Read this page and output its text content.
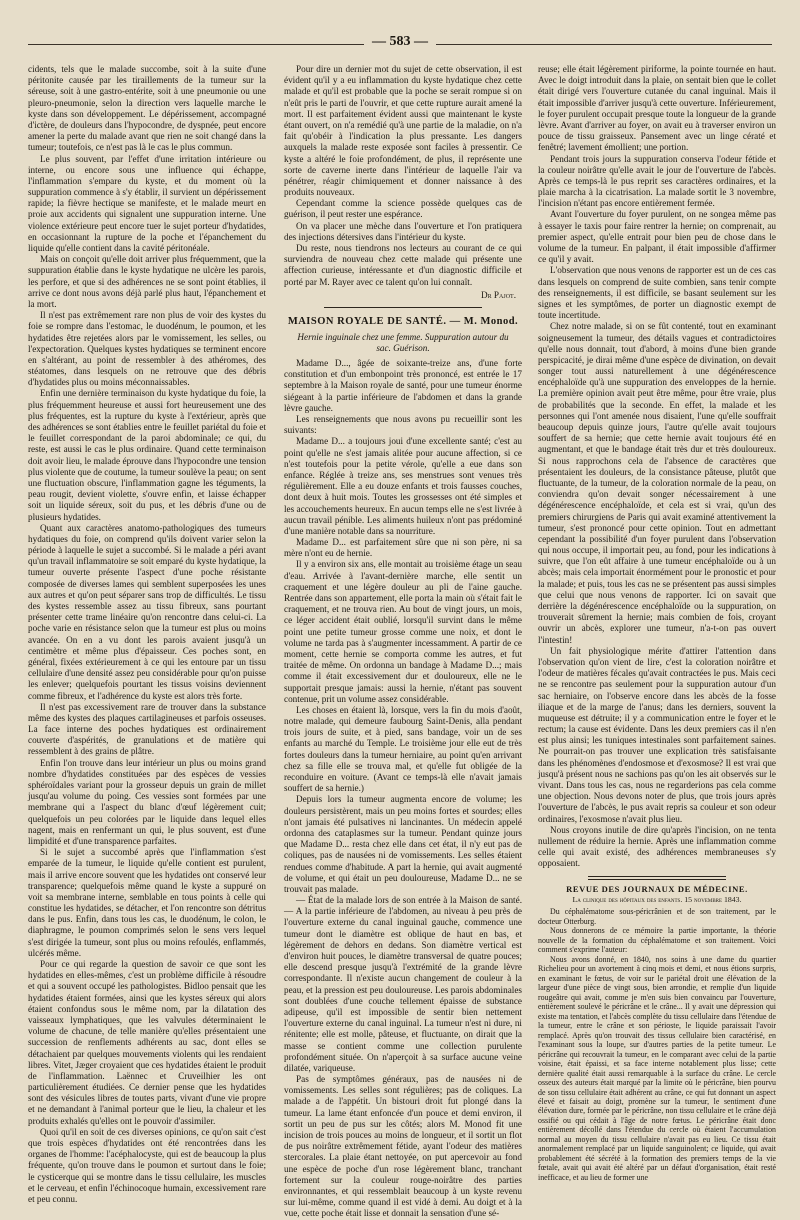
— 583 —

cidents, tels que le malade succombe, soit à la suite d'une péritonite causée par les tiraillements de la tumeur sur la séreuse, soit à une gastro-entérite, soit à une pneumonie ou une pleuro-pneumonie, selon la direction vers laquelle marche le kyste dans son développement. Le dépérissement, accompagné d'ictère, de douleurs dans l'hypocondre, de dyspnée, peut encore amener la perte du malade avant que rien ne soit changé dans la tumeur; toutefois, ce n'est pas là le cas le plus commun.

Le plus souvent, par l'effet d'une irritation intérieure ou interne, ou encore sous une influence qui échappe, l'inflammation s'empare du kyste, et du moment où la suppuration commence à s'y établir, il survient un dépérissement rapide; la fièvre hectique se manifeste, et le malade meurt en proie aux accidents qui signalent une suppuration interne. Une violence extérieure peut encore tuer le sujet porteur d'hydatides, en occasionnant la rupture de la poche et l'épanchement du liquide qu'elle contient dans la cavité péritonéale.

Mais on conçoit qu'elle doit arriver plus fréquemment, que la suppuration établie dans le kyste hydatique ne ulcère les parois, les perfore, et que si des adhérences ne se sont point établies, il arrive ce dont nous avons déjà parlé plus haut, l'épanchement et la mort.

Il n'est pas extrêmement rare non plus de voir des kystes du foie se rompre dans l'estomac, le duodénum, le poumon, et les hydatides être rejetées alors par le vomissement, les selles, ou l'expectoration. Quelques kystes hydatiques se terminent encore en s'altérant, au point de ressembler à des athéromes, des stéatomes, dans lesquels on ne retrouve que des débris d'hydatides plus ou moins méconnaissables.

Enfin une dernière terminaison du kyste hydatique du foie, la plus fréquemment heureuse et aussi fort heureusement une des plus fréquentes, est la rupture du kyste à l'extérieur, après que des adhérences se sont établies entre le feuillet pariétal du foie et le feuillet correspondant de la paroi abdominale; ce qui, du reste, est aussi le cas le plus ordinaire. Quand cette terminaison doit avoir lieu, le malade éprouve dans l'hypocondre une tension plus violente que de coutume, la tumeur soulève la peau; on sent une fluctuation obscure, l'inflammation gagne les téguments, la peau rougit, devient violette, s'ouvre enfin, et laisse échapper soit un liquide séreux, soit du pus, et les débris d'une ou de plusieurs hydatides.

Quant aux caractères anatomo-pathologiques des tumeurs hydatiques du foie, on comprend qu'ils doivent varier selon la période à laquelle le sujet a succombé. Si le malade a péri avant qu'un travail inflammatoire se soit emparé du kyste hydatique, la tumeur ouverte présente l'aspect d'une poche résistante composée de diverses lames qui semblent superposées les unes aux autres et qu'on peut séparer sans trop de difficultés. Le tissu des kystes ressemble assez au tissu fibreux, sans pourtant présenter cette trame linéaire qu'on rencontre dans celui-ci. La poche varie en résistance selon que la tumeur est plus ou moins avancée. On en a vu dont les parois avaient jusqu'à un centimètre et même plus d'épaisseur. Ces poches sont, en général, fixées extérieurement à ce qui les entoure par un tissu cellulaire d'une densité assez peu considérable pour qu'on puisse les enlever; quelquefois pourtant les tissus voisins deviennent comme fibreux, et l'adhérence du kyste est alors très forte.

Il n'est pas excessivement rare de trouver dans la substance même des kystes des plaques cartilagineuses et parfois osseuses. La face interne des poches hydatiques est ordinairement couverte d'aspérités, de granulations et de matière qui ressemblent à des grains de plâtre.

Enfin l'on trouve dans leur intérieur un plus ou moins grand nombre d'hydatides constituées par des espèces de vessies sphéroïdales variant pour la grosseur depuis un grain de millet jusqu'au volume du poing. Ces vessies sont formées par une membrane qui a l'aspect du blanc d'œuf légèrement cuit; quelquefois un peu colorées par le liquide dans lequel elles nagent, mais en renfermant un qui, le plus souvent, est d'une limpidité et d'une transparence parfaites.

Si le sujet a succombé après que l'inflammation s'est emparée de la tumeur, le liquide qu'elle contient est purulent, mais il arrive encore souvent que les hydatides ont conservé leur transparence; quelquefois même quand le kyste a suppuré on voit sa membrane interne, semblable en tous points à celle qui constitue les hydatides, se détacher, et l'on rencontre son détritus dans le pus. Enfin, dans tous les cas, le duodénum, le colon, le diaphragme, le poumon comprimés selon le sens vers lequel s'est dirigée la tumeur, sont plus ou moins refoulés, enflammés, ulcérés même.

Pour ce qui regarde la question de savoir ce que sont les hydatides en elles-mêmes, c'est un problème difficile à résoudre et qui a souvent occupé les pathologistes. Bidloo pensait que les hydatides étaient formées, ainsi que les kystes séreux qui alors étaient confondus sous le même nom, par la dilatation des vaisseaux lymphatiques, que les valvules déterminaient le volume de chacune, de telle manière qu'elles présentaient une succession de renflements adhérents au sac, dont elles se détachaient par quelques mouvements violents qui les rendaient libres. Vitet, Jæger croyaient que ces hydatides étaient le produit de l'inflammation. Laënnec et Cruveilhier les ont particulièrement étudiées. Ce dernier pense que les hydatides sont des vésicules libres de toutes parts, vivant d'une vie propre et ne demandant à l'animal porteur que le lieu, la chaleur et les produits exhalés qu'elles ont le pouvoir d'assimiler.

Quoi qu'il en soit de ces diverses opinions, ce qu'on sait c'est que trois espèces d'hydatides ont été rencontrées dans les organes de l'homme: l'acéphalocyste, qui est de beaucoup la plus fréquente, qu'on trouve dans le poumon et surtout dans le foie; le cysticerque qui se montre dans le tissu cellulaire, les muscles et le cerveau, et enfin l'échinocoque humain, excessivement rare et peu connu.

Pour dire un dernier mot du sujet de cette observation, il est évident qu'il y a eu inflammation du kyste hydatique chez cette malade et qu'il est probable que la poche se serait rompue si on n'eût pris le parti de l'ouvrir, et que cette rupture aurait amené la mort. Il est parfaitement évident aussi que maintenant le kyste étant ouvert, on n'a remédié qu'à une partie de la maladie, on n'a fait qu'obéir à l'indication la plus pressante. Les dangers auxquels la malade reste exposée sont faciles à pressentir. Ce kyste a altéré le foie profondément, de plus, il représente une sorte de caverne inerte dans l'intérieur de laquelle l'air va pénétrer, réagir chimiquement et donner naissance à des produits nouveaux.

Cependant comme la science possède quelques cas de guérison, il peut rester une espérance.

On va placer une mèche dans l'ouverture et l'on pratiquera des injections détersives dans l'intérieur du kyste.

Du reste, nous tiendrons nos lecteurs au courant de ce qui surviendra de nouveau chez cette malade qui présente une affection curieuse, intéressante et d'un diagnostic difficile et porté par M. Rayer avec ce talent qu'on lui connaît.

Dr Pajot.
MAISON ROYALE DE SANTÉ. — M. Monod.
Hernie inguinale chez une femme. Suppuration autour du sac. Guérison.

Madame D..., âgée de soixante-treize ans, d'une forte constitution et d'un embonpoint très prononcé, est entrée le 17 septembre à la Maison royale de santé, pour une tumeur énorme siégeant à la partie inférieure de l'abdomen et dans la grande lèvre gauche.

Les renseignements que nous avons pu recueillir sont les suivants:

Madame D... a toujours joui d'une excellente santé; c'est au point qu'elle ne s'est jamais alitée pour aucune affection, si ce n'est toutefois pour la petite vérole, qu'elle a eue dans son enfance. Réglée à treize ans, ses menstrues sont venues très régulièrement. Elle a eu douze enfants et trois fausses couches, dont deux à huit mois. Toutes les grossesses ont été simples et les accouchements heureux. En aucun temps elle ne s'est livrée à aucun travail pénible. Les aliments huileux n'ont pas prédominé d'une manière notable dans sa nourriture.

Madame D... est parfaitement sûre que ni son père, ni sa mère n'ont eu de hernie.

Il y a environ six ans, elle montait au troisième étage un seau d'eau. Arrivée à l'avant-dernière marche, elle sentit un craquement et une légère douleur au pli de l'aine gauche. Rentrée dans son appartement, elle porta la main où s'était fait le craquement, et ne trouva rien. Au bout de vingt jours, un mois, ce léger accident était oublié, lorsqu'il survint dans le même point une petite tumeur grosse comme une noix, et dont le volume ne tarda pas à s'augmenter incessamment. A partir de ce moment, cette hernie se comporta comme les autres, et fut traitée de même. On ordonna un bandage à Madame D...; mais comme il était excessivement dur et douloureux, elle ne le supportait presque jamais: aussi la hernie, n'étant pas souvent contenue, prit un volume assez considérable.

Les choses en étaient là, lorsque, vers la fin du mois d'août, notre malade, qui demeure faubourg Saint-Denis, alla pendant trois jours de suite, et à pied, sans bandage, voir un de ses enfants au marché du Temple. Le troisième jour elle eut de très fortes douleurs dans la tumeur herniaire, au point qu'en arrivant chez sa fille elle se trouva mal, et qu'elle fut obligée de la reconduire en voiture. (Avant ce temps-là elle n'avait jamais souffert de sa hernie.)

Depuis lors la tumeur augmenta encore de volume; les douleurs persistèrent, mais un peu moins fortes et sourdes; elles n'ont jamais été pulsatives ni lancinantes. Un médecin appelé ordonna des cataplasmes sur la tumeur. Pendant quinze jours que Madame D... resta chez elle dans cet état, il n'y eut pas de coliques, pas de nausées ni de vomissements. Les selles étaient rendues comme d'habitude. A part la hernie, qui avait augmenté de volume, et qui était un peu douloureuse, Madame D... ne se trouvait pas malade.

— État de la malade lors de son entrée à la Maison de santé. — A la partie inférieure de l'abdomen, au niveau à peu près de l'ouverture externe du canal inguinal gauche, commence une tumeur dont le diamètre est oblique de haut en bas, et légèrement de dehors en dedans. Son diamètre vertical est d'environ huit pouces, le diamètre transversal de quatre pouces; elle descend presque jusqu'à l'extrémité de la grande lèvre correspondante. Il n'existe aucun changement de couleur à la peau, et la pression est peu douloureuse. Les parois abdominales sont doublées d'une couche tellement épaisse de substance adipeuse, qu'il est impossible de sentir bien nettement l'ouverture externe du canal inguinal. La tumeur n'est ni dure, ni rénitente; elle est molle, pâteuse, et fluctuante, on dirait que la masse se contient comme une collection purulente profondément située. On n'aperçoit à sa surface aucune veine dilatée, variqueuse.

Pas de symptômes généraux, pas de nausées ni de vomissements. Les selles sont régulières; pas de coliques. La malade a de l'appétit. Un bistouri droit fut plongé dans la tumeur. La lame étant enfoncée d'un pouce et demi environ, il sortit un peu de pus sur les côtés; alors M. Monod fit une incision de trois pouces au moins de longueur, et il sortit un flot de pus noirâtre extrêmement fétide, ayant l'odeur des matières stercorales. La plaie étant nettoyée, on put apercevoir au fond une espèce de poche d'un rose légèrement blanc, tranchant fortement sur la couleur rouge-noirâtre des parties environnantes, et qui ressemblait beaucoup à un kyste revenu sur lui-même, comme quand il est vidé à demi. Au doigt et à la vue, cette poche était lisse et donnait la sensation d'une sé-

reuse; elle était légèrement piriforme, la pointe tournée en haut. Avec le doigt introduit dans la plaie, on sentait bien que le collet était dirigé vers l'ouverture cutanée du canal inguinal. Mais il était impossible d'arriver jusqu'à cette ouverture. Inférieurement, le foyer purulent occupait presque toute la longueur de la grande lèvre. Avant d'arriver au foyer, on avait eu à traverser environ un pouce de tissu graisseux. Pansement avec un linge cératé et fenêtré; lavement émollient; une portion.

Pendant trois jours la suppuration conserva l'odeur fétide et la couleur noirâtre qu'elle avait le jour de l'ouverture de l'abcès. Après ce temps-là le pus reprit ses caractères ordinaires, et la plaie marcha à la cicatrisation. La malade sortit le 3 novembre, l'incision n'étant pas encore entièrement fermée.

Avant l'ouverture du foyer purulent, on ne songea même pas à essayer le taxis pour faire rentrer la hernie; on comprenait, au premier aspect, qu'elle entrait pour bien peu de chose dans le volume de la tumeur. En palpant, il était impossible d'affirmer ce qu'il y avait.

L'observation que nous venons de rapporter est un de ces cas dans lesquels on comprend de suite combien, sans tenir compte des renseignements, il est difficile, se basant seulement sur les signes et les symptômes, de porter un diagnostic exempt de toute incertitude.

Chez notre malade, si on se fût contenté, tout en examinant soigneusement la tumeur, des détails vagues et contradictoires qu'elle nous donnait, tout d'abord, à moins d'une bien grande perspicacité, je dirai même d'une espèce de divination, on devait songer tout aussi naturellement à une dégénérescence encéphaloïde qu'à une suppuration des enveloppes de la hernie. La première opinion avait peut être même, pour être vraie, plus de probabilités que la seconde. En effet, la malade et les personnes qui l'ont amenée nous disaient, l'une qu'elle souffrait beaucoup depuis quinze jours, l'autre qu'elle avait toujours souffert de sa hernie; que cette hernie avait toujours été en augmentant, et que le bandage était très dur et très douloureux. Si nous rapprochons cela de l'absence de caractères que présentaient les douleurs, de la consistance pâteuse, plutôt que fluctuante, de la tumeur, de la coloration normale de la peau, on conviendra qu'on devait songer nécessairement à une dégénérescence encéphaloïde, et cela est si vrai, qu'un des premiers chirurgiens de Paris qui avait examiné attentivement la tumeur, s'est prononcé pour cette opinion. Tout en admettant cependant la possibilité d'un foyer purulent dans l'observation qui nous occupe, il importait peu, au fond, pour les indications à suivre, que l'on eût affaire à une tumeur encéphaloïde ou à un abcès; mais cela importait énormément pour le pronostic et pour la malade; et puis, tous les cas ne se présentent pas aussi simples que celui que nous venons de rapporter. Ici on savait que derrière la dégénérescence encéphaloïde ou la suppuration, on trouverait sûrement la hernie; mais combien de fois, croyant ouvrir un abcès, explorer une tumeur, n'a-t-on pas ouvert l'intestin!

Un fait physiologique mérite d'attirer l'attention dans l'observation qu'on vient de lire, c'est la coloration noirâtre et l'odeur de matières fécales qu'avait contractées le pus. Mais ceci ne se rencontre pas seulement pour la suppuration autour d'un sac herniaire, on l'observe encore dans les abcès de la fosse iliaque et de la marge de l'anus; dans les derniers, souvent la muqueuse est détruite; il y a communication entre le foyer et le rectum; la cause est évidente. Dans les deux premiers cas il n'en est plus ainsi; les tuniques intestinales sont parfaitement saines. Ne pourrait-on pas trouver une explication très satisfaisante dans les phénomènes d'endosmose et d'exosmose? Il est vrai que jusqu'à présent nous ne sachions pas qu'on les ait observés sur le vivant. Dans tous les cas, nous ne regarderions pas cela comme une objection. Nous devons noter de plus, que trois jours après l'ouverture de l'abcès, le pus avait repris sa couleur et son odeur ordinaires, l'exosmose n'avait plus lieu.

Nous croyons inutile de dire qu'après l'incision, on ne tenta nullement de réduire la hernie. Après une inflammation comme celle qui avait existé, des adhérences membraneuses s'y opposaient.

REVUE DES JOURNAUX DE MÉDECINE.
La clinique des hôpitaux des enfants. 15 novembre 1843.

Du céphalématome sous-péricrânien et de son traitement, par le docteur Otterburg.

Nous donnerons de ce mémoire la partie importante, la théorie nouvelle de la formation du céphalématome et son traitement. Voici comment s'exprime l'auteur:

Nous avons donné, en 1840, nos soins à une dame du quartier Richelieu pour un avortement à cinq mois et demi, et nous étions surpris, en examinant le fœtus, de voir sur le pariétal droit une élévation de la largeur d'une pièce de vingt sous, bien arrondie, et remplie d'un liquide rougeâtre qui avait, comme je m'en suis bien convaincu par l'ouverture, entièrement soulevé le péricrâne et le crâne... Il y avait une dépression qui existe ma tentation, et l'abcès complète du tissu cellulaire dans l'étendue de la tumeur, entre le crâne et son périoste, le liquide paraissait l'avoir remplacé. Après qu'on trouvait des tissus cellulaire bien caractérisé, en l'examinant sous la loupe, sur d'autres parties de la petite tumeur. Le péricrâne qui recouvrait la tumeur, en le comparant avec celui de la partie voisine, était épaissi, et sa face interne notablement plus lisse; cette dernière qualité était aussi remarquable à la surface du crâne. Le cercle osseux des auteurs était marqué par la limite où le péricrâne, bien pourvu de son tissu cellulaire était adhérent au crâne, ce qui fut donnant un aspect élevé et faisait au doigt, promène sur la tumeur, le sentiment d'une élévation dure, formée par le péricrâne, non tissu cellulaire et le crâne déjà ossifié ou qui cédait à l'âge de notre fœtus. Le péricrâne était donc entièrement décollé dans l'étendue du cercle où étaient l'accumulation normal au moyen du tissu cellulaire n'avait pas eu lieu. Ce tissu était anormalement remplacé par un liquide sanguinolent; ce liquide, qui avait probablement été sécrété à la formation des premiers temps de la vie fœtale, avait qui avait été altéré par un défaut d'organisation, était resté inefficace, et au lieu de former une
